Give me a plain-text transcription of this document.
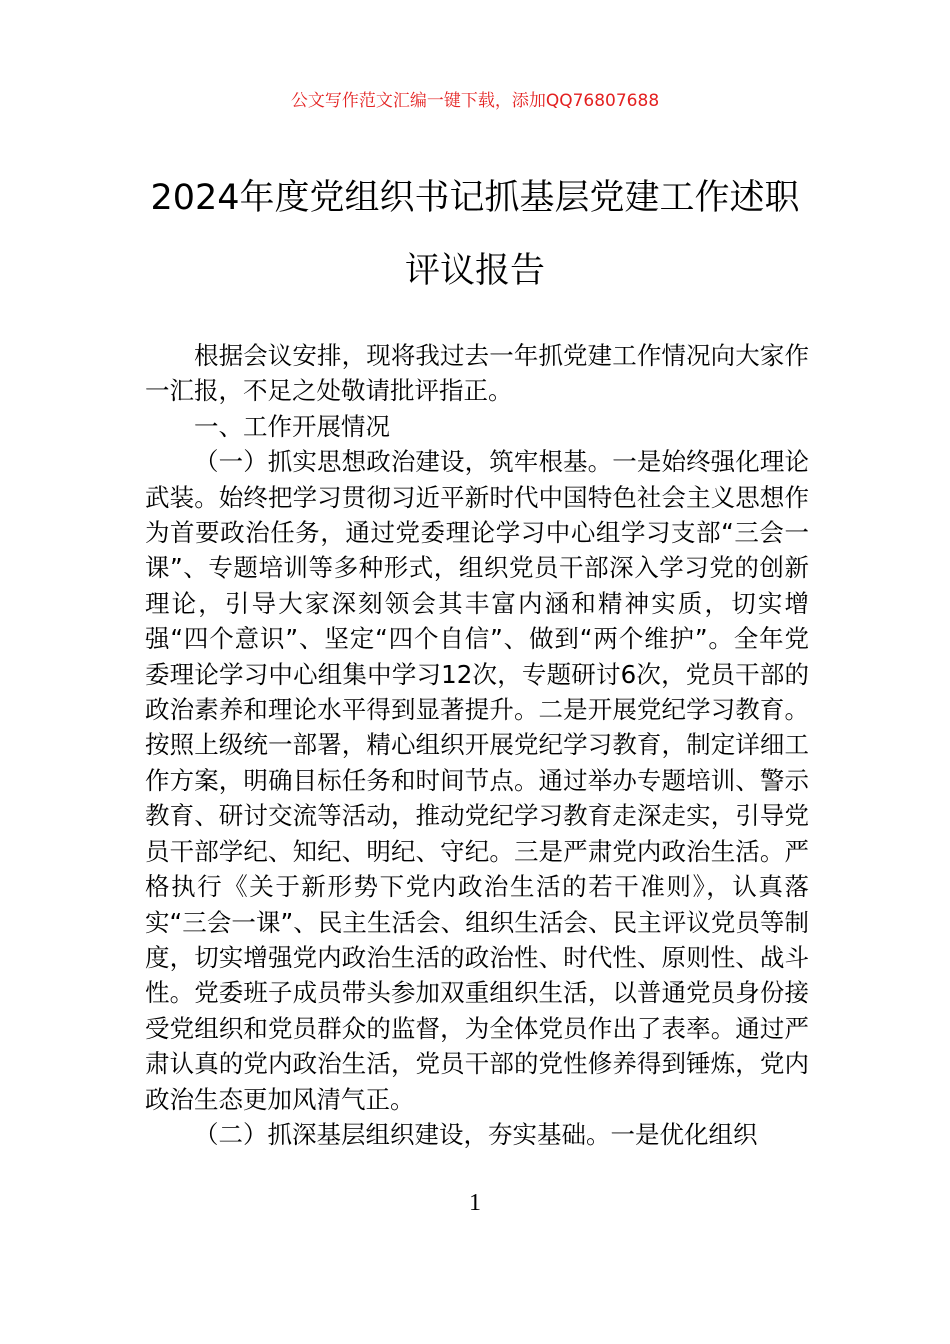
公文写作范文汇编一键下载，添加QQ76807688
2024年度党组织书记抓基层党建工作述职
评议报告

根据会议安排，现将我过去一年抓党建工作情况向大家作一汇报，不足之处敬请批评指正。

一、工作开展情况

（一）抓实思想政治建设，筑牢根基。一是始终强化理论武装。始终把学习贯彻习近平新时代中国特色社会主义思想作为首要政治任务，通过党委理论学习中心组学习支部“三会一课”、专题培训等多种形式，组织党员干部深入学习党的创新理论，引导大家深刻领会其丰富内涵和精神实质，切实增强“四个意识”、坚定“四个自信”、做到“两个维护”。全年党委理论学习中心组集中学习12次，专题研讨6次，党员干部的政治素养和理论水平得到显著提升。二是开展党纪学习教育。按照上级统一部署，精心组织开展党纪学习教育，制定详细工作方案，明确目标任务和时间节点。通过举办专题培训、警示教育、研讨交流等活动，推动党纪学习教育走深走实，引导党员干部学纪、知纪、明纪、守纪。三是严肃党内政治生活。严格执行《关于新形势下党内政治生活的若干准则》，认真落实“三会一课”、民主生活会、组织生活会、民主评议党员等制度，切实增强党内政治生活的政治性、时代性、原则性、战斗性。党委班子成员带头参加双重组织生活，以普通党员身份接受党组织和党员群众的监督，为全体党员作出了表率。通过严肃认真的党内政治生活，党员干部的党性修养得到锤炼，党内政治生态更加风清气正。

（二）抓深基层组织建设，夯实基础。一是优化组织

1
